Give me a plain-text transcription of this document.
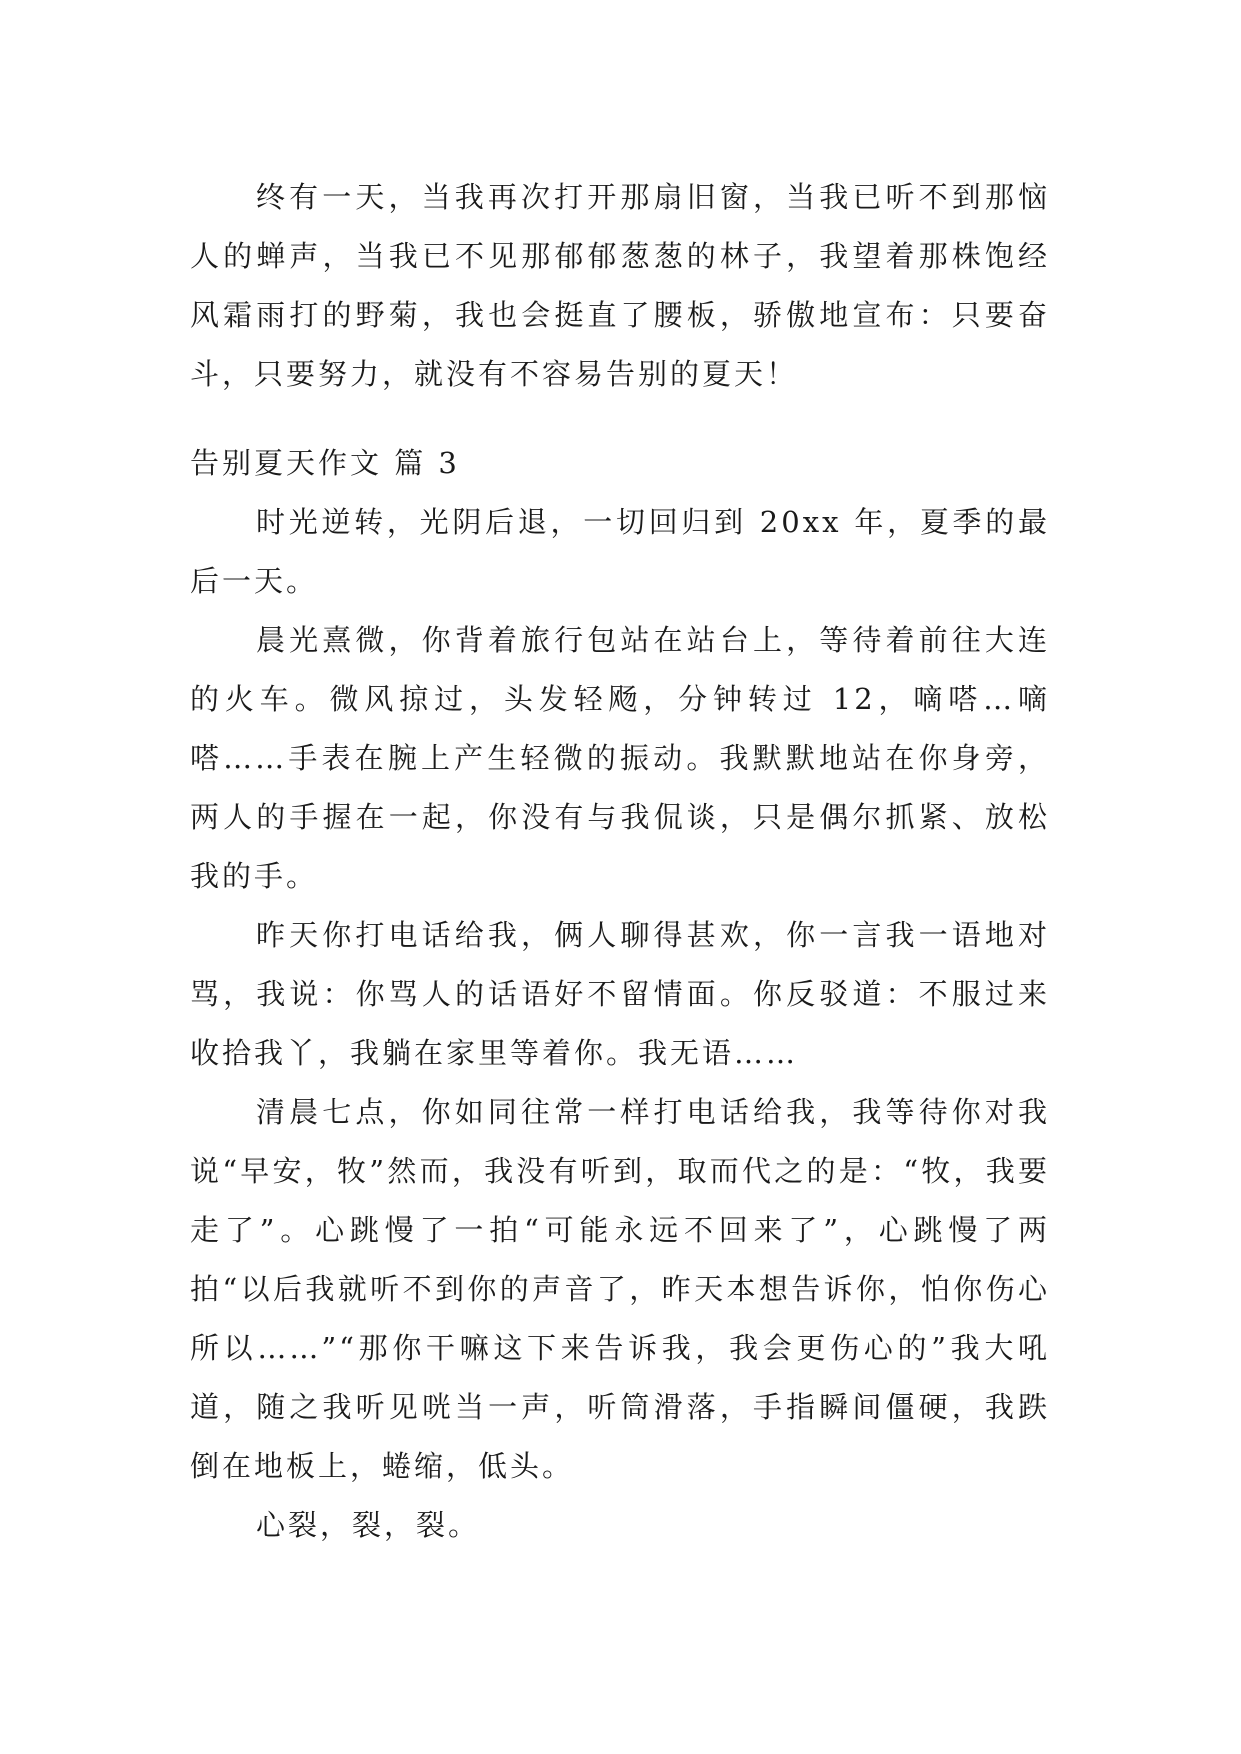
终有一天，当我再次打开那扇旧窗，当我已听不到那恼人的蝉声，当我已不见那郁郁葱葱的林子，我望着那株饱经风霜雨打的野菊，我也会挺直了腰板，骄傲地宣布：只要奋斗，只要努力，就没有不容易告别的夏天！

告别夏天作文 篇 3

时光逆转，光阴后退，一切回归到 20xx 年，夏季的最后一天。

晨光熹微，你背着旅行包站在站台上，等待着前往大连的火车。微风掠过，头发轻飏，分钟转过 12，嘀嗒…嘀嗒……手表在腕上产生轻微的振动。我默默地站在你身旁，两人的手握在一起，你没有与我侃谈，只是偶尔抓紧、放松我的手。

昨天你打电话给我，俩人聊得甚欢，你一言我一语地对骂，我说：你骂人的话语好不留情面。你反驳道：不服过来收拾我丫，我躺在家里等着你。我无语……

清晨七点，你如同往常一样打电话给我，我等待你对我说“早安，牧”然而，我没有听到，取而代之的是：“牧，我要走了”。心跳慢了一拍“可能永远不回来了”，心跳慢了两拍“以后我就听不到你的声音了，昨天本想告诉你，怕你伤心所以……”“那你干嘛这下来告诉我，我会更伤心的”我大吼道，随之我听见咣当一声，听筒滑落，手指瞬间僵硬，我跌倒在地板上，蜷缩，低头。

心裂，裂，裂。
